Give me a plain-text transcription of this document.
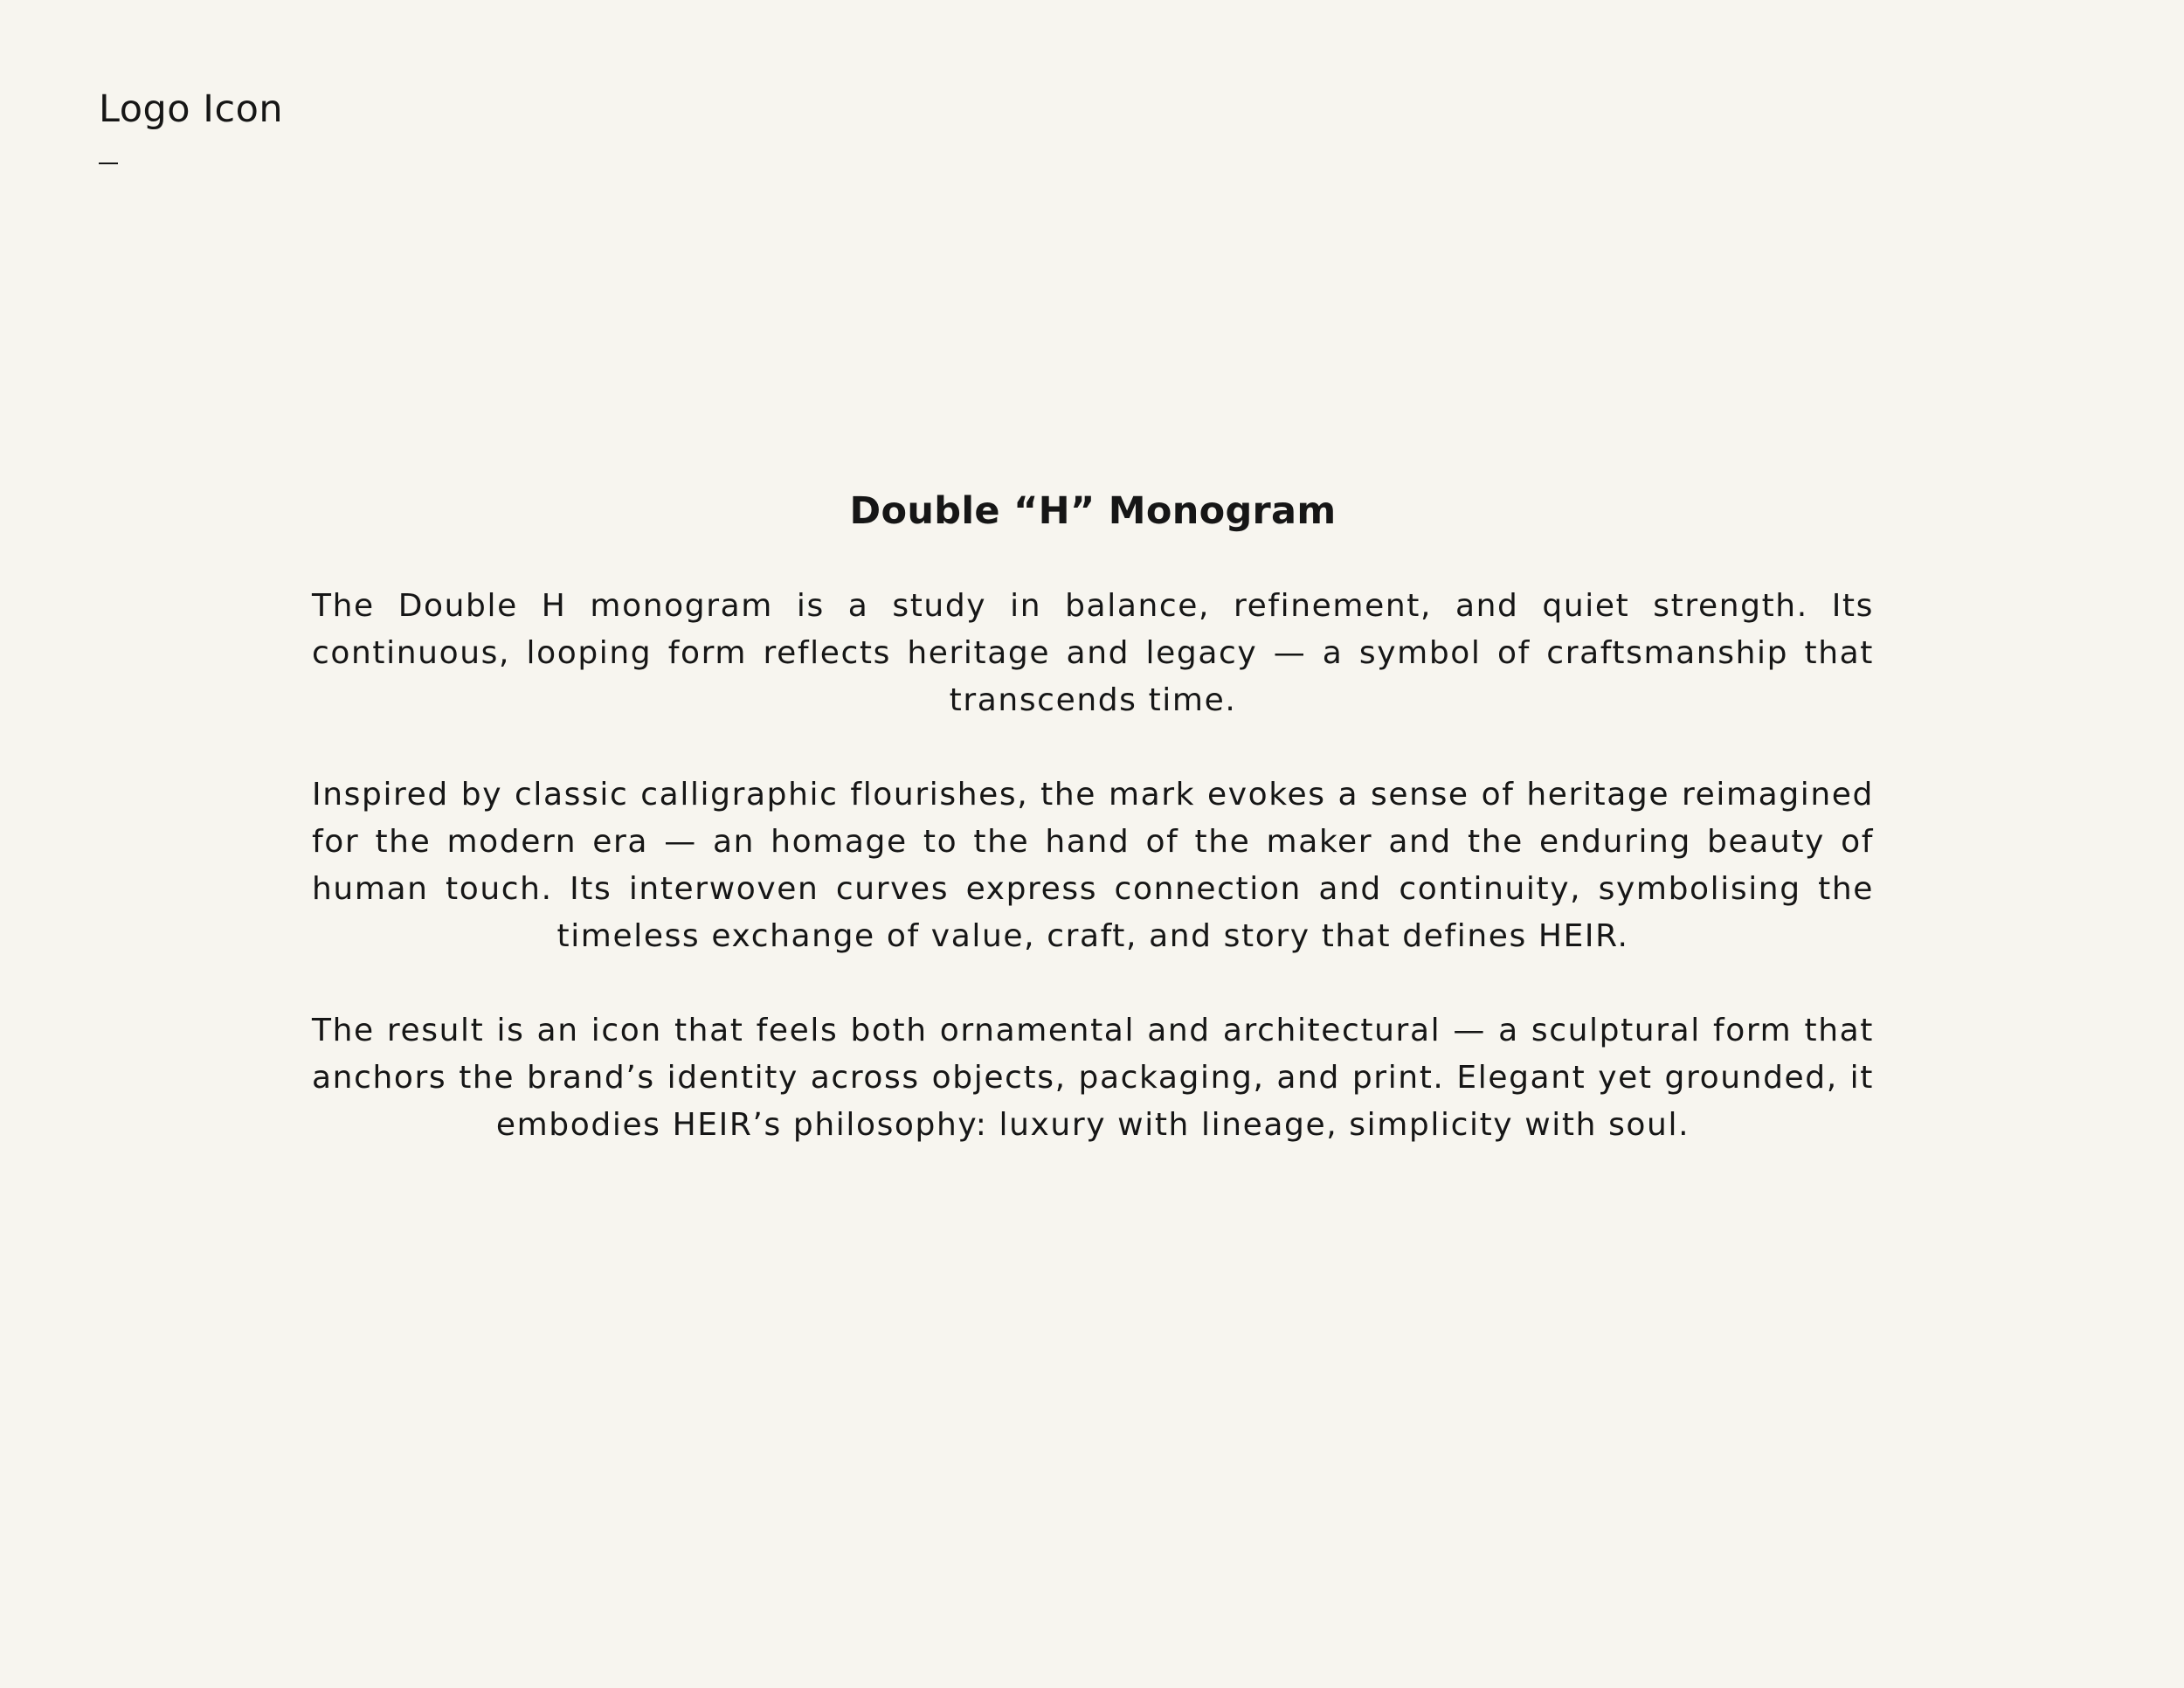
Logo Icon

Double “H” Monogram

The Double H monogram is a study in balance, refinement, and quiet strength. Its continuous, looping form reflects heritage and legacy — a symbol of craftsmanship that transcends time.

Inspired by classic calligraphic flourishes, the mark evokes a sense of heritage reimagined for the modern era — an homage to the hand of the maker and the enduring beauty of human touch. Its interwoven curves express connection and continuity, symbolising the timeless exchange of value, craft, and story that defines HEIR.

The result is an icon that feels both ornamental and architectural — a sculptural form that anchors the brand’s identity across objects, packaging, and print. Elegant yet grounded, it embodies HEIR’s philosophy: luxury with lineage, simplicity with soul.
